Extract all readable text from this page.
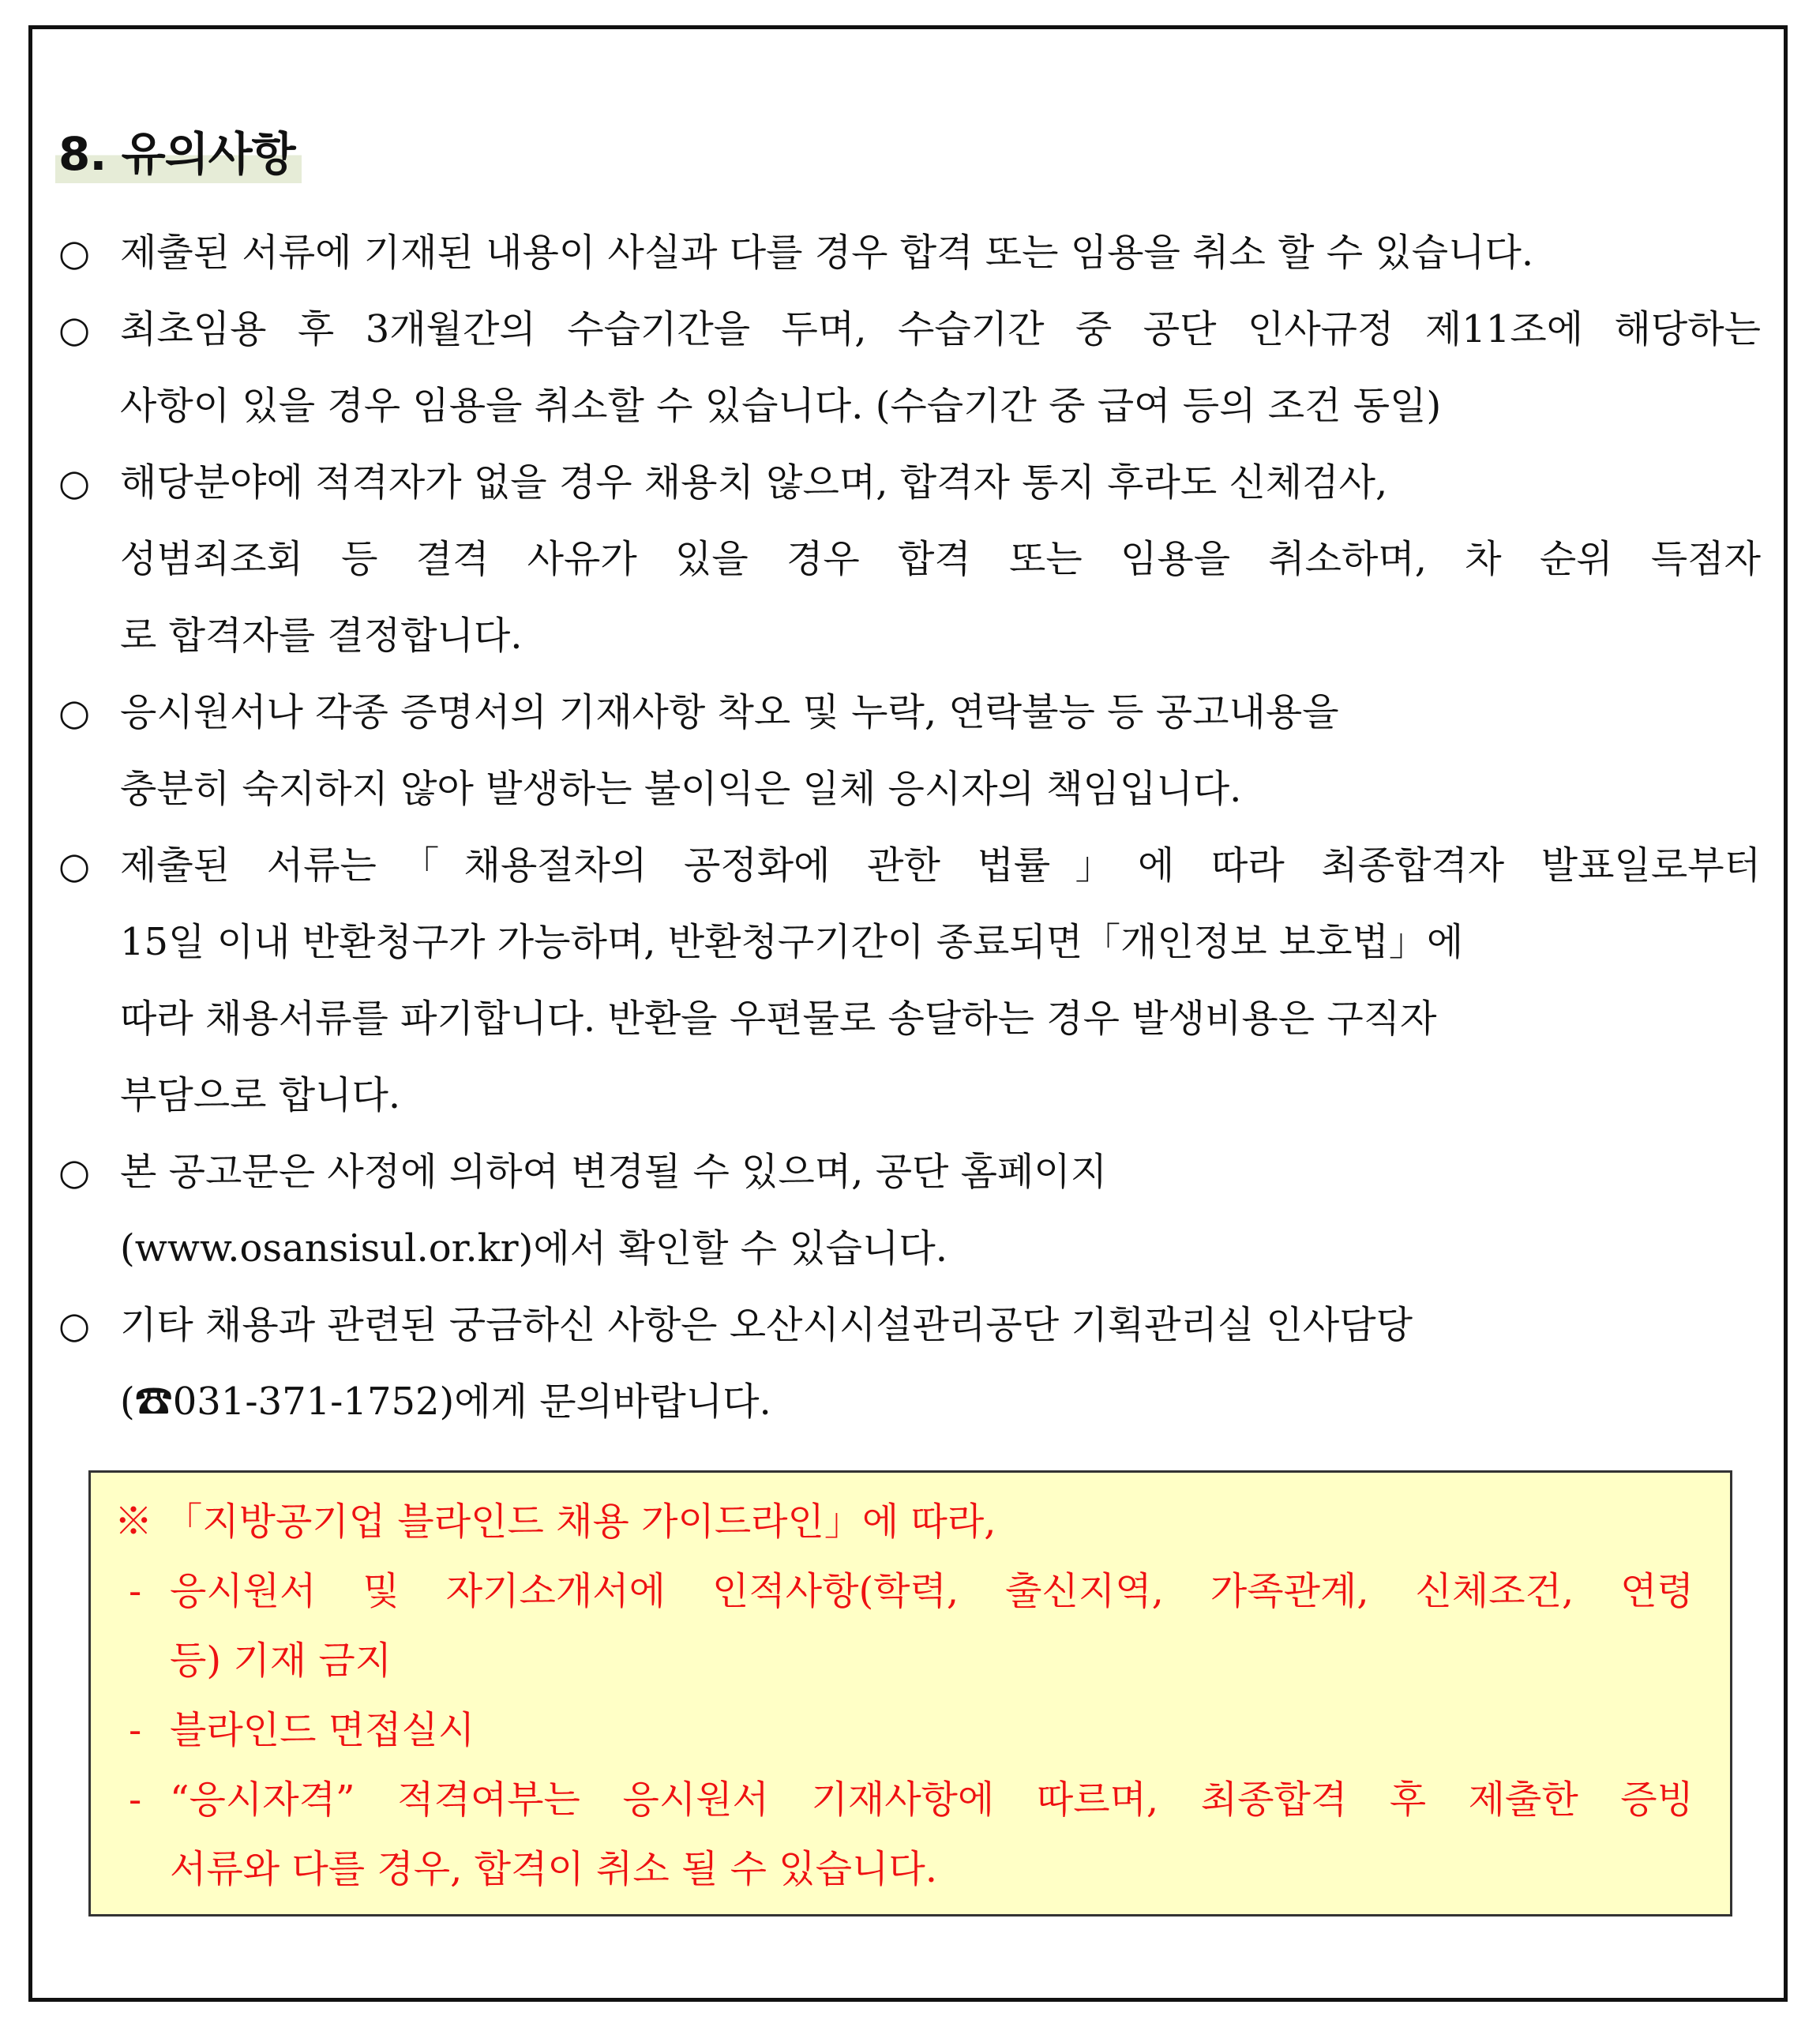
8. 유의사항
○ 제출된 서류에 기재된 내용이 사실과 다를 경우 합격 또는 임용을 취소 할 수 있습니다.
○ 최초임용 후 3개월간의 수습기간을 두며, 수습기간 중 공단 인사규정 제11조에 해당하는
사항이 있을 경우 임용을 취소할 수 있습니다. (수습기간 중 급여 등의 조건 동일)
○ 해당분야에 적격자가 없을 경우 채용치 않으며, 합격자 통지 후라도 신체검사,
성범죄조회 등 결격 사유가 있을 경우 합격 또는 임용을 취소하며, 차 순위 득점자
로 합격자를 결정합니다.
○ 응시원서나 각종 증명서의 기재사항 착오 및 누락, 연락불능 등 공고내용을
충분히 숙지하지 않아 발생하는 불이익은 일체 응시자의 책임입니다.
○ 제출된 서류는「채용절차의 공정화에 관한 법률」에 따라 최종합격자 발표일로부터
15일 이내 반환청구가 가능하며, 반환청구기간이 종료되면「개인정보 보호법」에
따라 채용서류를 파기합니다. 반환을 우편물로 송달하는 경우 발생비용은 구직자
부담으로 합니다.
○ 본 공고문은 사정에 의하여 변경될 수 있으며, 공단 홈페이지
(www.osansisul.or.kr)에서 확인할 수 있습니다.
○ 기타 채용과 관련된 궁금하신 사항은 오산시시설관리공단 기획관리실 인사담당
(☎031-371-1752)에게 문의바랍니다.
※ 「지방공기업 블라인드 채용 가이드라인」에 따라,
- 응시원서 및 자기소개서에 인적사항(학력, 출신지역, 가족관계, 신체조건, 연령
등) 기재 금지
- 블라인드 면접실시
- “응시자격” 적격여부는 응시원서 기재사항에 따르며, 최종합격 후 제출한 증빙
서류와 다를 경우, 합격이 취소 될 수 있습니다.
